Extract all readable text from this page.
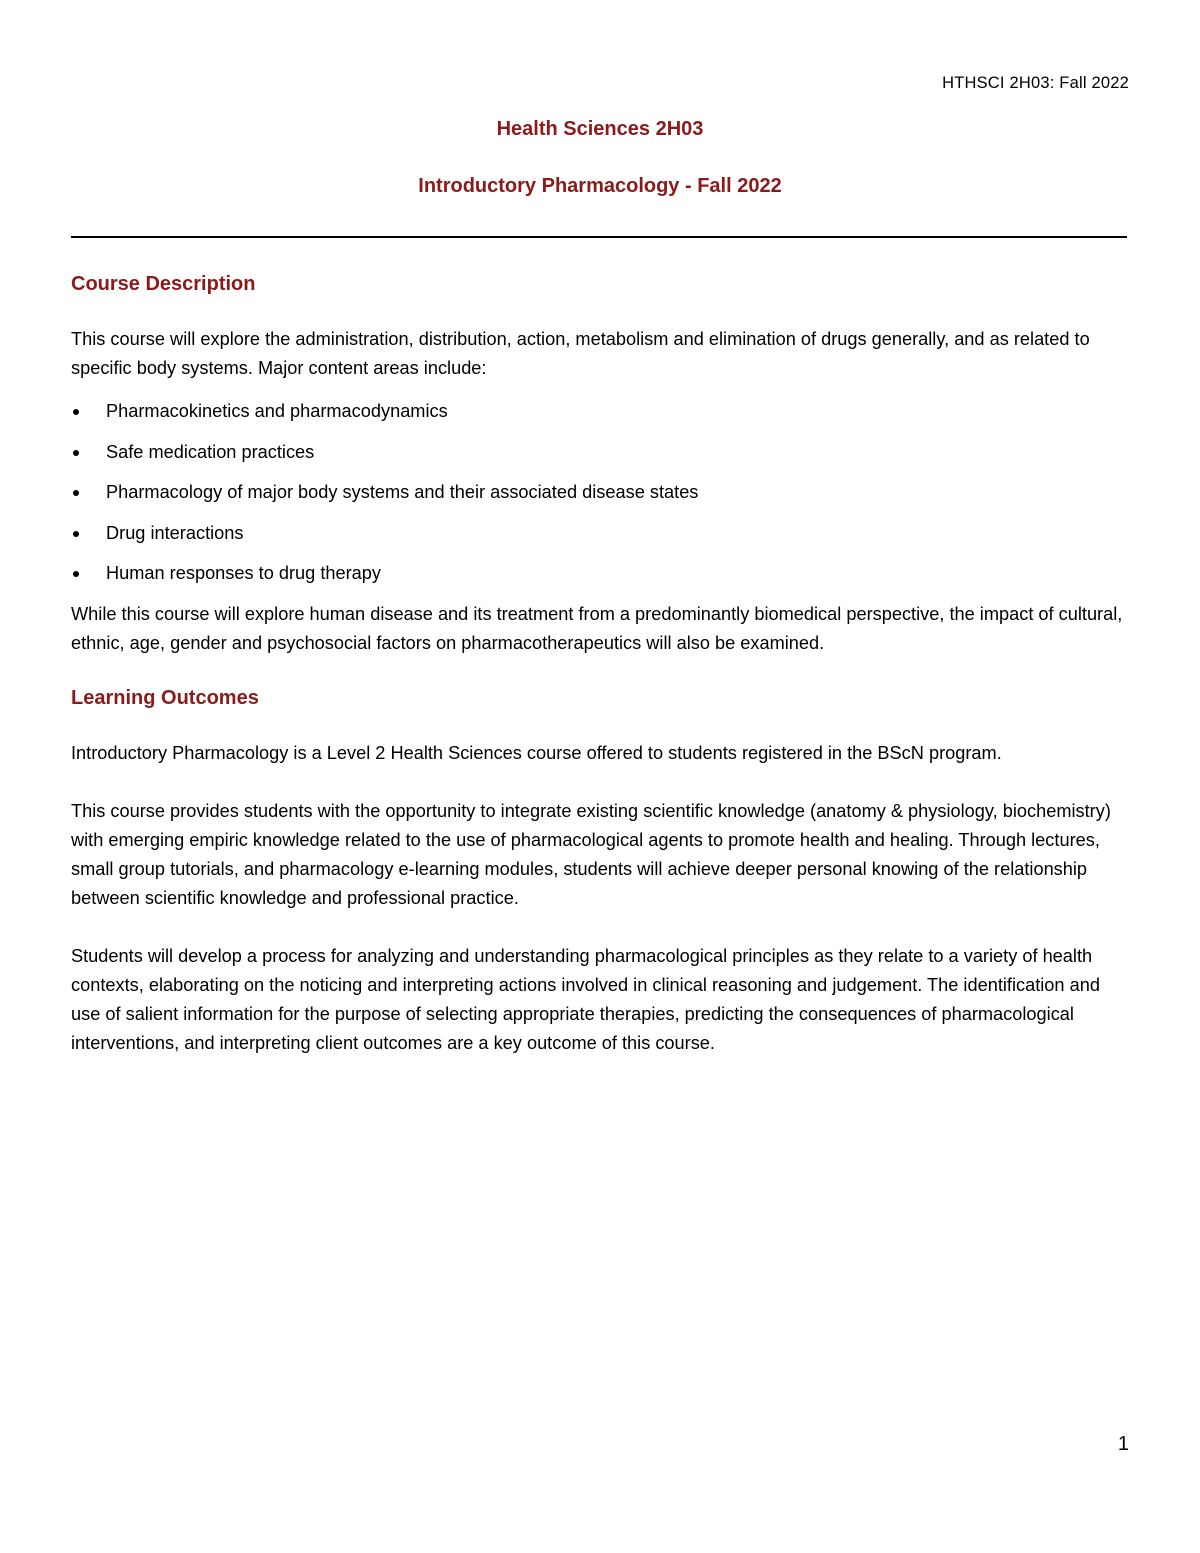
HTHSCI 2H03: Fall 2022
Health Sciences 2H03
Introductory Pharmacology - Fall 2022
Course Description

This course will explore the administration, distribution, action, metabolism and elimination of drugs generally, and as related to specific body systems. Major content areas include:

Pharmacokinetics and pharmacodynamics
Safe medication practices
Pharmacology of major body systems and their associated disease states
Drug interactions
Human responses to drug therapy

While this course will explore human disease and its treatment from a predominantly biomedical perspective, the impact of cultural, ethnic, age, gender and psychosocial factors on pharmacotherapeutics will also be examined.

Learning Outcomes

Introductory Pharmacology is a Level 2 Health Sciences course offered to students registered in the BScN program.

This course provides students with the opportunity to integrate existing scientific knowledge (anatomy & physiology, biochemistry) with emerging empiric knowledge related to the use of pharmacological agents to promote health and healing. Through lectures, small group tutorials, and pharmacology e-learning modules, students will achieve deeper personal knowing of the relationship between scientific knowledge and professional practice.

Students will develop a process for analyzing and understanding pharmacological principles as they relate to a variety of health contexts, elaborating on the noticing and interpreting actions involved in clinical reasoning and judgement. The identification and use of salient information for the purpose of selecting appropriate therapies, predicting the consequences of pharmacological interventions, and interpreting client outcomes are a key outcome of this course.

1
